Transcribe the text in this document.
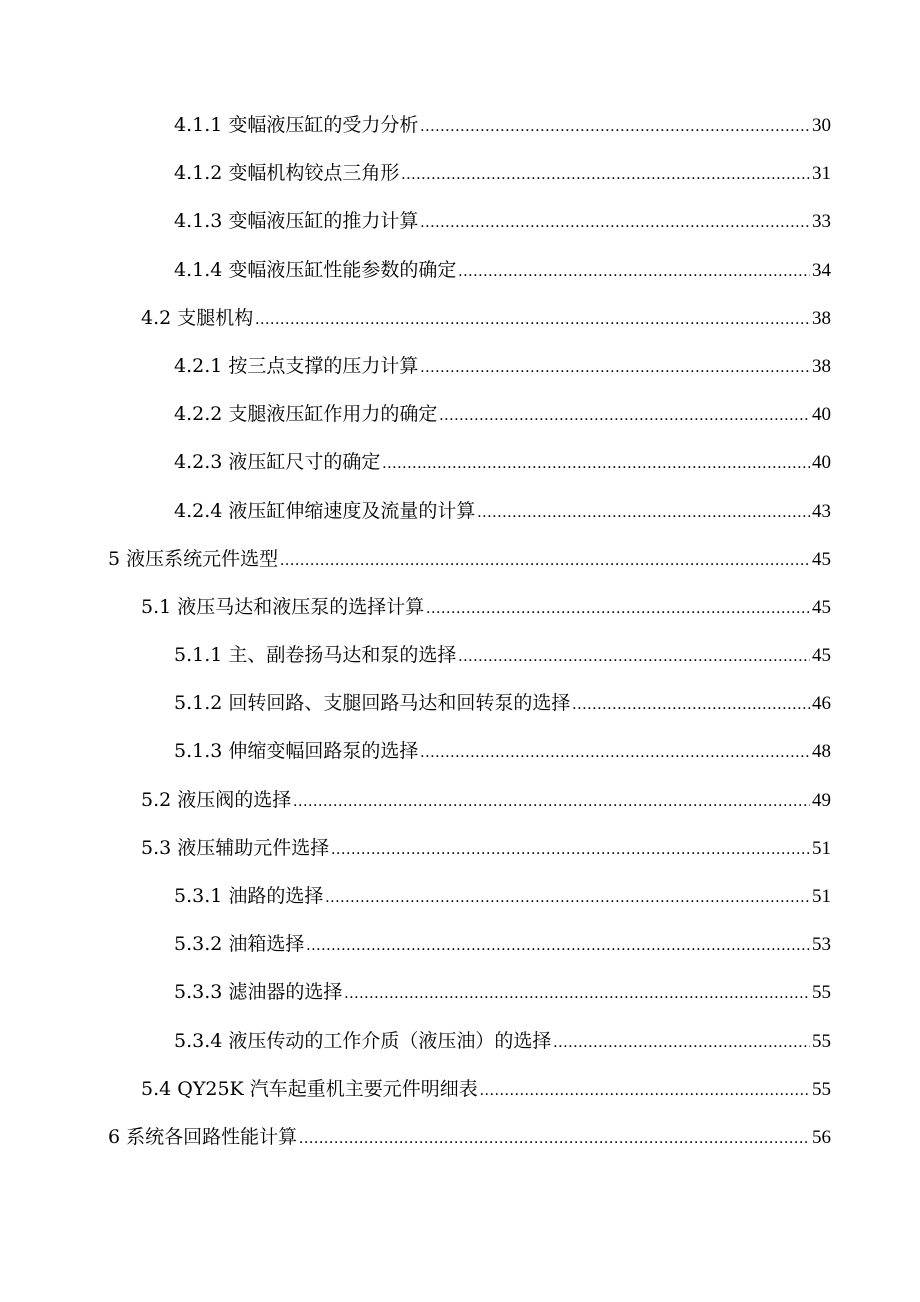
4.1.1 变幅液压缸的受力分析 .....	30
4.1.2 变幅机构铰点三角形 .....	31
4.1.3 变幅液压缸的推力计算 .....	33
4.1.4 变幅液压缸性能参数的确定 .....	34
4.2 支腿机构 .....	38
4.2.1 按三点支撑的压力计算 .....	38
4.2.2 支腿液压缸作用力的确定 .....	40
4.2.3 液压缸尺寸的确定 .....	40
4.2.4 液压缸伸缩速度及流量的计算 .....	43
5 液压系统元件选型 .....	45
5.1 液压马达和液压泵的选择计算 .....	45
5.1.1 主、副卷扬马达和泵的选择 .....	45
5.1.2 回转回路、支腿回路马达和回转泵的选择 .....	46
5.1.3 伸缩变幅回路泵的选择 .....	48
5.2 液压阀的选择 .....	49
5.3 液压辅助元件选择 .....	51
5.3.1 油路的选择 .....	51
5.3.2 油箱选择 .....	53
5.3.3 滤油器的选择 .....	55
5.3.4 液压传动的工作介质（液压油）的选择 .....	55
5.4 QY25K 汽车起重机主要元件明细表 .....	55
6 系统各回路性能计算 .....	56
